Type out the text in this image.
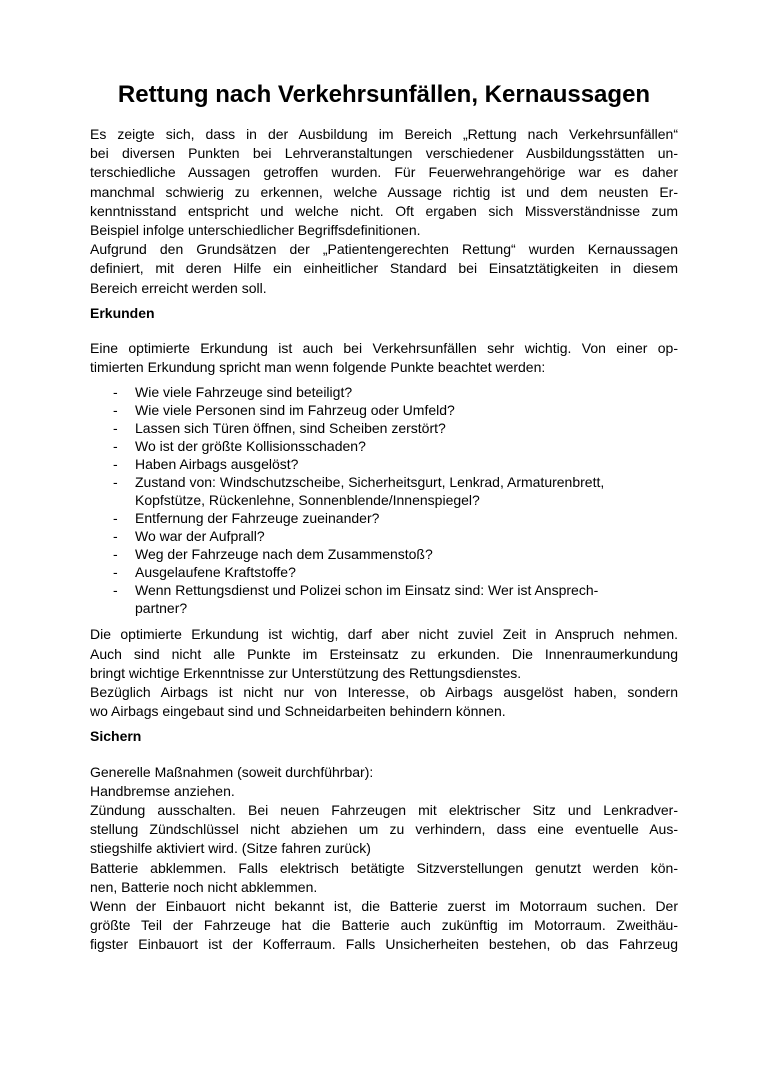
Rettung nach Verkehrsunfällen, Kernaussagen
Es zeigte sich, dass in der Ausbildung im Bereich „Rettung nach Verkehrsunfällen“
bei diversen Punkten bei Lehrveranstaltungen verschiedener Ausbildungsstätten un-
terschiedliche Aussagen getroffen wurden. Für Feuerwehrangehörige war es daher
manchmal schwierig zu erkennen, welche Aussage richtig ist und dem neusten Er-
kenntnisstand entspricht und welche nicht. Oft ergaben sich Missverständnisse zum
Beispiel infolge unterschiedlicher Begriffsdefinitionen.
Aufgrund den Grundsätzen der „Patientengerechten Rettung“ wurden Kernaussagen
definiert, mit deren Hilfe ein einheitlicher Standard bei Einsatztätigkeiten in diesem
Bereich erreicht werden soll.
Erkunden
Eine optimierte Erkundung ist auch bei Verkehrsunfällen sehr wichtig. Von einer op-
timierten Erkundung spricht man wenn folgende Punkte beachtet werden:
-	Wie viele Fahrzeuge sind beteiligt?
-	Wie viele Personen sind im Fahrzeug oder Umfeld?
-	Lassen sich Türen öffnen, sind Scheiben zerstört?
-	Wo ist der größte Kollisionsschaden?
-	Haben Airbags ausgelöst?
-	Zustand von: Windschutzscheibe, Sicherheitsgurt, Lenkrad, Armaturenbrett,
Kopfstütze, Rückenlehne, Sonnenblende/Innenspiegel?
-	Entfernung der Fahrzeuge zueinander?
-	Wo war der Aufprall?
-	Weg der Fahrzeuge nach dem Zusammenstoß?
-	Ausgelaufene Kraftstoffe?
-	Wenn Rettungsdienst und Polizei schon im Einsatz sind: Wer ist Ansprech-
partner?
Die optimierte Erkundung ist wichtig, darf aber nicht zuviel Zeit in Anspruch nehmen.
Auch sind nicht alle Punkte im Ersteinsatz zu erkunden. Die Innenraumerkundung
bringt wichtige Erkenntnisse zur Unterstützung des Rettungsdienstes.
Bezüglich Airbags ist nicht nur von Interesse, ob Airbags ausgelöst haben, sondern
wo Airbags eingebaut sind und Schneidarbeiten behindern können.
Sichern
Generelle Maßnahmen (soweit durchführbar):
Handbremse anziehen.
Zündung ausschalten. Bei neuen Fahrzeugen mit elektrischer Sitz und Lenkradver-
stellung Zündschlüssel nicht abziehen um zu verhindern, dass eine eventuelle Aus-
stiegshilfe aktiviert wird. (Sitze fahren zurück)
Batterie abklemmen. Falls elektrisch betätigte Sitzverstellungen genutzt werden kön-
nen, Batterie noch nicht abklemmen.
Wenn der Einbauort nicht bekannt ist, die Batterie zuerst im Motorraum suchen. Der
größte Teil der Fahrzeuge hat die Batterie auch zukünftig im Motorraum. Zweithäu-
figster Einbauort ist der Kofferraum. Falls Unsicherheiten bestehen, ob das Fahrzeug
